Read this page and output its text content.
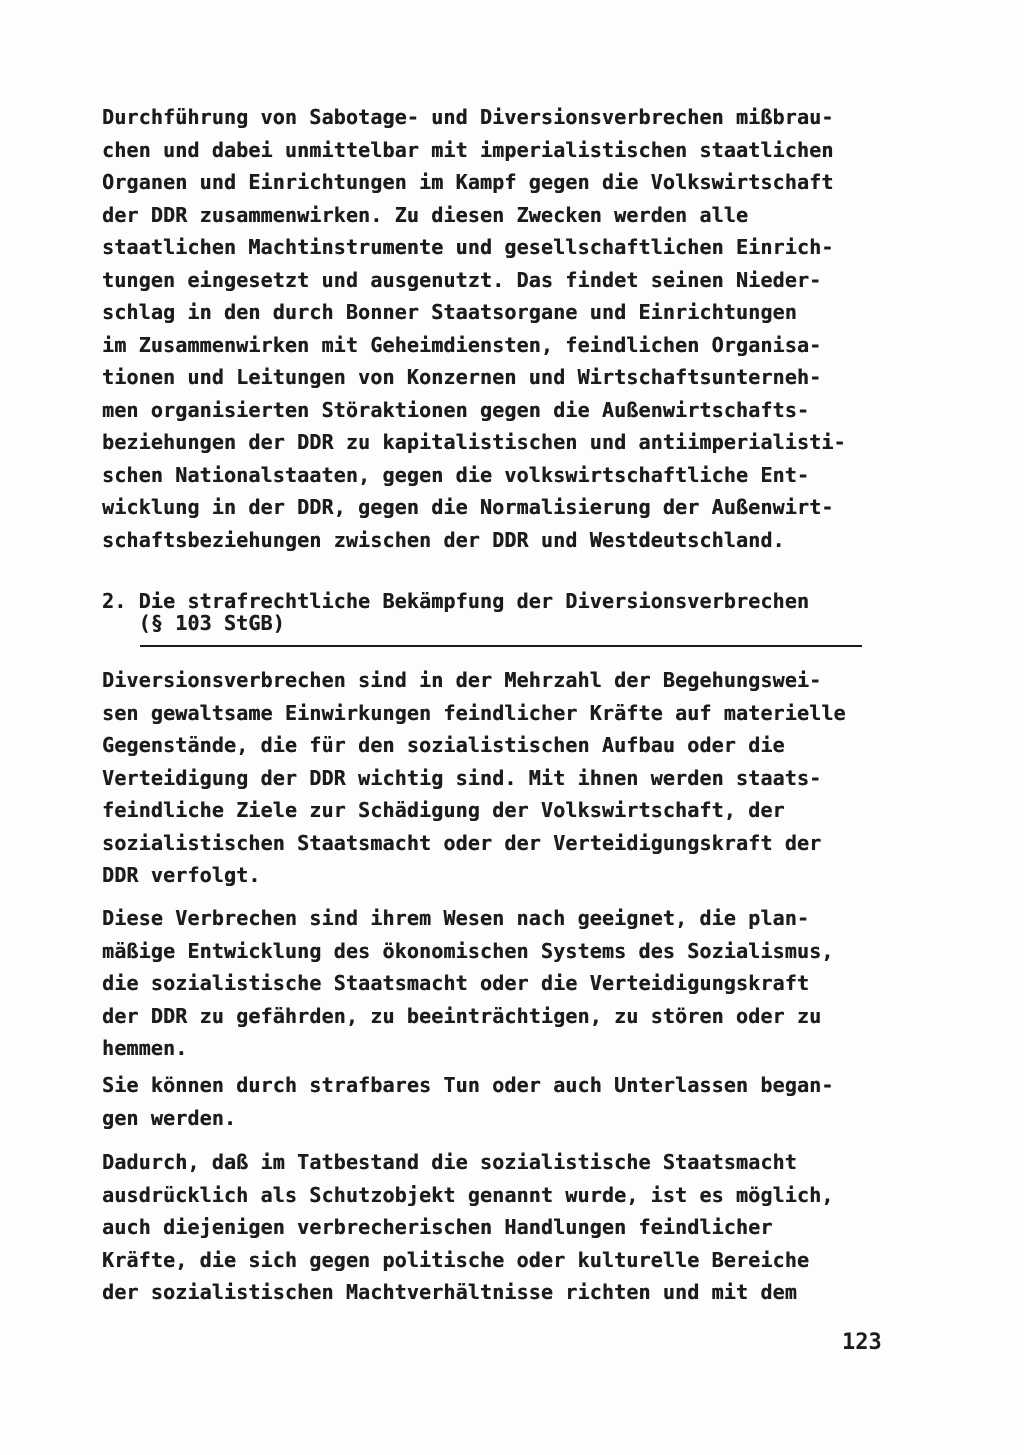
Durchführung von Sabotage- und Diversionsverbrechen mißbrau-
chen und dabei unmittelbar mit imperialistischen staatlichen
Organen und Einrichtungen im Kampf gegen die Volkswirtschaft
der DDR zusammenwirken. Zu diesen Zwecken werden alle
staatlichen Machtinstrumente und gesellschaftlichen Einrich-
tungen eingesetzt und ausgenutzt. Das findet seinen Nieder-
schlag in den durch Bonner Staatsorgane und Einrichtungen
im Zusammenwirken mit Geheimdiensten, feindlichen Organisa-
tionen und Leitungen von Konzernen und Wirtschaftsunterneh-
men organisierten Störaktionen gegen die Außenwirtschafts-
beziehungen der DDR zu kapitalistischen und antiimperialisti-
schen Nationalstaaten, gegen die volkswirtschaftliche Ent-
wicklung in der DDR, gegen die Normalisierung der Außenwirt-
schaftsbeziehungen zwischen der DDR und Westdeutschland.
2. Die strafrechtliche Bekämpfung der Diversionsverbrechen
(§ 103 StGB)
Diversionsverbrechen sind in der Mehrzahl der Begehungswei-
sen gewaltsame Einwirkungen feindlicher Kräfte auf materielle
Gegenstände, die für den sozialistischen Aufbau oder die
Verteidigung der DDR wichtig sind. Mit ihnen werden staats-
feindliche Ziele zur Schädigung der Volkswirtschaft, der
sozialistischen Staatsmacht oder der Verteidigungskraft der
DDR verfolgt.
Diese Verbrechen sind ihrem Wesen nach geeignet, die plan-
mäßige Entwicklung des ökonomischen Systems des Sozialismus,
die sozialistische Staatsmacht oder die Verteidigungskraft
der DDR zu gefährden, zu beeinträchtigen, zu stören oder zu
hemmen.
Sie können durch strafbares Tun oder auch Unterlassen began-
gen werden.
Dadurch, daß im Tatbestand die sozialistische Staatsmacht
ausdrücklich als Schutzobjekt genannt wurde, ist es möglich,
auch diejenigen verbrecherischen Handlungen feindlicher
Kräfte, die sich gegen politische oder kulturelle Bereiche
der sozialistischen Machtverhältnisse richten und mit dem
123
